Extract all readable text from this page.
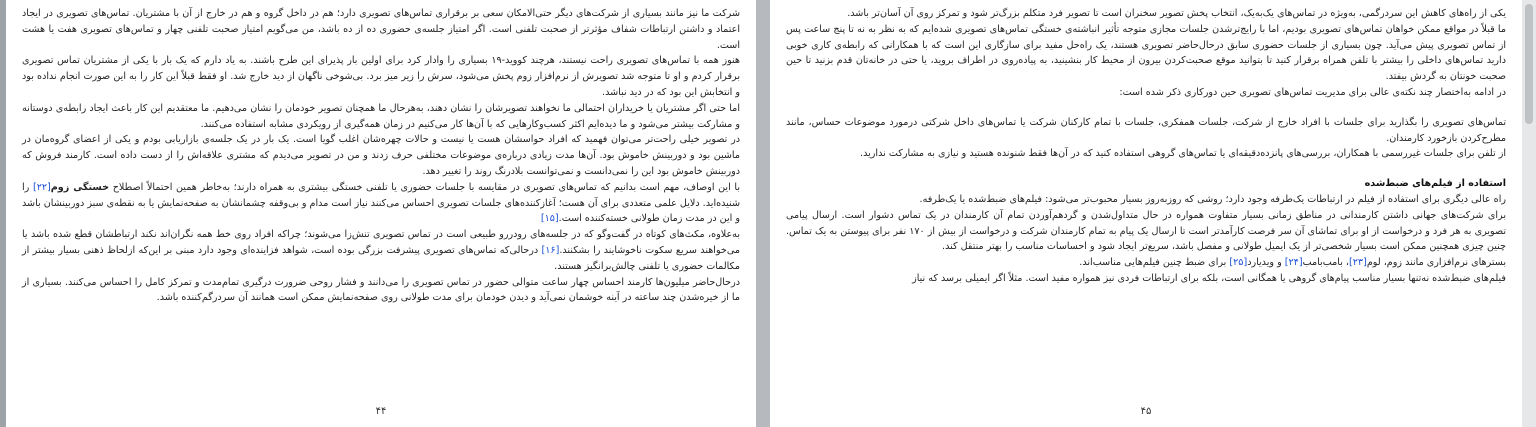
شرکت ما نیز مانند بسیاری از شرکت‌های دیگر حتی‌الامکان سعی بر برقراری تماس‌های تصویری دارد؛ هم در داخل گروه و هم در خارج از آن با مشتریان. تماس‌های تصویری در ایجاد اعتماد و داشتن ارتباطات شفاف مؤثرتر از صحبت تلفنی است. اگر امتیاز جلسه‌ی حضوری ده از ده باشد، من می‌گویم امتیاز صحبت تلفنی چهار و تماس‌های تصویری هفت یا هشت است.

هنوز همه با تماس‌های تصویری راحت نیستند، هرچند کووید-۱۹ بسیاری را وادار کرد برای اولین بار پذیرای این طرح باشند. به یاد دارم که یک بار با یکی از مشتریان تماس تصویری برقرار کردم و او تا متوجه شد تصویرش از نرم‌افزار زوم پخش می‌شود، سرش را زیر میز برد. بی‌شوخی ناگهان از دید خارج شد. او فقط قبلاً این کار را به این صورت انجام نداده بود و انتخابش این بود که در دید نباشد.

اما حتی اگر مشتریان یا خریداران احتمالی ما نخواهند تصویرشان را نشان دهند، به‌هرحال ما همچنان تصویر خودمان را نشان می‌دهیم. ما معتقدیم این کار باعث ایجاد رابطه‌ی دوستانه و مشارکت بیشتر می‌شود و ما دیده‌ایم اکثر کسب‌وکارهایی که با آن‌ها کار می‌کنیم در زمان همه‌گیری از رویکردی مشابه استفاده می‌کنند.

در تصویر خیلی راحت‌تر می‌توان فهمید که افراد حواسشان هست یا نیست و حالات چهره‌شان اغلب گویا است. یک بار در یک جلسه‌ی بازاریابی بودم و یکی از اعضای گروه‌مان در ماشین بود و دوربینش خاموش بود. آن‌ها مدت زیادی درباره‌ی موضوعات مختلفی حرف زدند و من در تصویر می‌دیدم که مشتری علاقه‌اش را از دست داده است. کارمند فروش که دوربینش خاموش بود این را نمی‌دانست و نمی‌توانست بلادرنگ روند را تغییر دهد.

با این اوصاف، مهم است بدانیم که تماس‌های تصویری در مقایسه با جلسات حضوری یا تلفنی خستگی بیشتری به همراه دارند؛ به‌خاطر همین احتمالاً اصطلاح خستگی زوم[۲۲] را شنیده‌اید. دلایل علمی متعددی برای آن هست؛ آغازکننده‌های جلسات تصویری احساس می‌کنند نیاز است مدام و بی‌وقفه چشمانشان به صفحه‌نمایش یا به نقطه‌ی سبز دوربینشان باشد و این در مدت زمان طولانی خسته‌کننده است.[۱۵]

به‌علاوه، مکث‌های کوتاه در گفت‌وگو که در جلسه‌های رودررو طبیعی است در تماس تصویری تنش‌زا می‌شوند؛ چراکه افراد روی خط همه نگران‌اند نکند ارتباطشان قطع شده باشد یا می‌خواهند سریع سکوت ناخوشایند را بشکنند.[۱۶] درحالی‌که تماس‌های تصویری پیشرفت بزرگی بوده است، شواهد فزاینده‌ای وجود دارد مبنی بر این‌که ازلحاظ ذهنی بسیار بیشتر از مکالمات حضوری یا تلفنی چالش‌برانگیز هستند.

درحال‌حاضر میلیون‌ها کارمند احساس چهار ساعت متوالی حضور در تماس تصویری را می‌دانند و فشار روحی ضرورت درگیری تمام‌مدت و تمرکز کامل را احساس می‌کنند. بسیاری از ما از خیره‌شدن چند ساعته در آینه خوشمان نمی‌آید و دیدن خودمان برای مدت طولانی روی صفحه‌نمایش ممکن است همانند آن سردرگم‌کننده باشد.

۴۴

یکی از راه‌های کاهش این سردرگمی، به‌ویژه در تماس‌های یک‌به‌یک، انتخاب پخش تصویر سخنران است تا تصویر فرد متکلم بزرگ‌تر شود و تمرکز روی آن آسان‌تر باشد.

ما قبلاً در مواقع ممکن خواهان تماس‌های تصویری بودیم، اما با رایج‌ترشدن جلسات مجازی متوجه تأثیر انباشته‌ی خستگی تماس‌های تصویری شده‌ایم که به نظر به نه تا پنج ساعت پس از تماس تصویری پیش می‌آید. چون بسیاری از جلسات حضوری سابق درحال‌حاضر تصویری هستند، یک راه‌حل مفید برای سازگاری این است که با همکارانی که رابطه‌ی کاری خوبی دارید تماس‌های داخلی را بیشتر با تلفن همراه برقرار کنید تا بتوانید موقع صحبت‌کردن بیرون از محیط کار بنشینید، به پیاده‌روی در اطراف بروید، یا حتی در خانه‌تان قدم بزنید تا حین صحبت خونتان به گردش بیفتد.

در ادامه به‌اختصار چند نکته‌ی عالی برای مدیریت تماس‌های تصویری حین دورکاری ذکر شده است:

تماس‌های تصویری را بگذارید برای جلسات با افراد خارج از شرکت، جلسات همفکری، جلسات با تمام کارکنان شرکت یا تماس‌های داخل شرکتی درمورد موضوعات حساس، مانند مطرح‌کردن بازخورد کارمندان.

از تلفن برای جلسات غیررسمی با همکاران، بررسی‌های پانزده‌دقیقه‌ای یا تماس‌های گروهی استفاده کنید که در آن‌ها فقط شنونده هستید و نیازی به مشارکت ندارید.

استفاده از فیلم‌های ضبط‌شده

راه عالی دیگری برای استفاده از فیلم در ارتباطات یک‌طرفه وجود دارد؛ روشی که روزبه‌روز بسیار محبوب‌تر می‌شود: فیلم‌های ضبط‌شده یا یک‌طرفه.

برای شرکت‌های جهانی داشتن کارمندانی در مناطق زمانی بسیار متفاوت همواره در حال متداول‌شدن و گردهم‌آوردن تمام آن کارمندان در یک تماس دشوار است. ارسال پیامی تصویری به هر فرد و درخواست از او برای تماشای آن سر فرصت کارآمدتر است تا ارسال یک پیام به تمام کارمندان شرکت و درخواست از بیش از ۱۷۰ نفر برای پیوستن به یک تماس. چنین چیزی همچنین ممکن است بسیار شخصی‌تر از یک ایمیل طولانی و مفصل باشد، سریع‌تر ایجاد شود و احساسات مناسب را بهتر منتقل کند.

بسترهای نرم‌افزاری مانند زوم، لوم[۲۳]، بامب‌بامب[۲۴] و ویدیارد[۲۵] برای ضبط چنین فیلم‌هایی مناسب‌اند.

فیلم‌های ضبط‌شده نه‌تنها بسیار مناسب پیام‌های گروهی یا همگانی است، بلکه برای ارتباطات فردی نیز همواره مفید است. مثلاً اگر ایمیلی برسد که نیاز

۴۵
